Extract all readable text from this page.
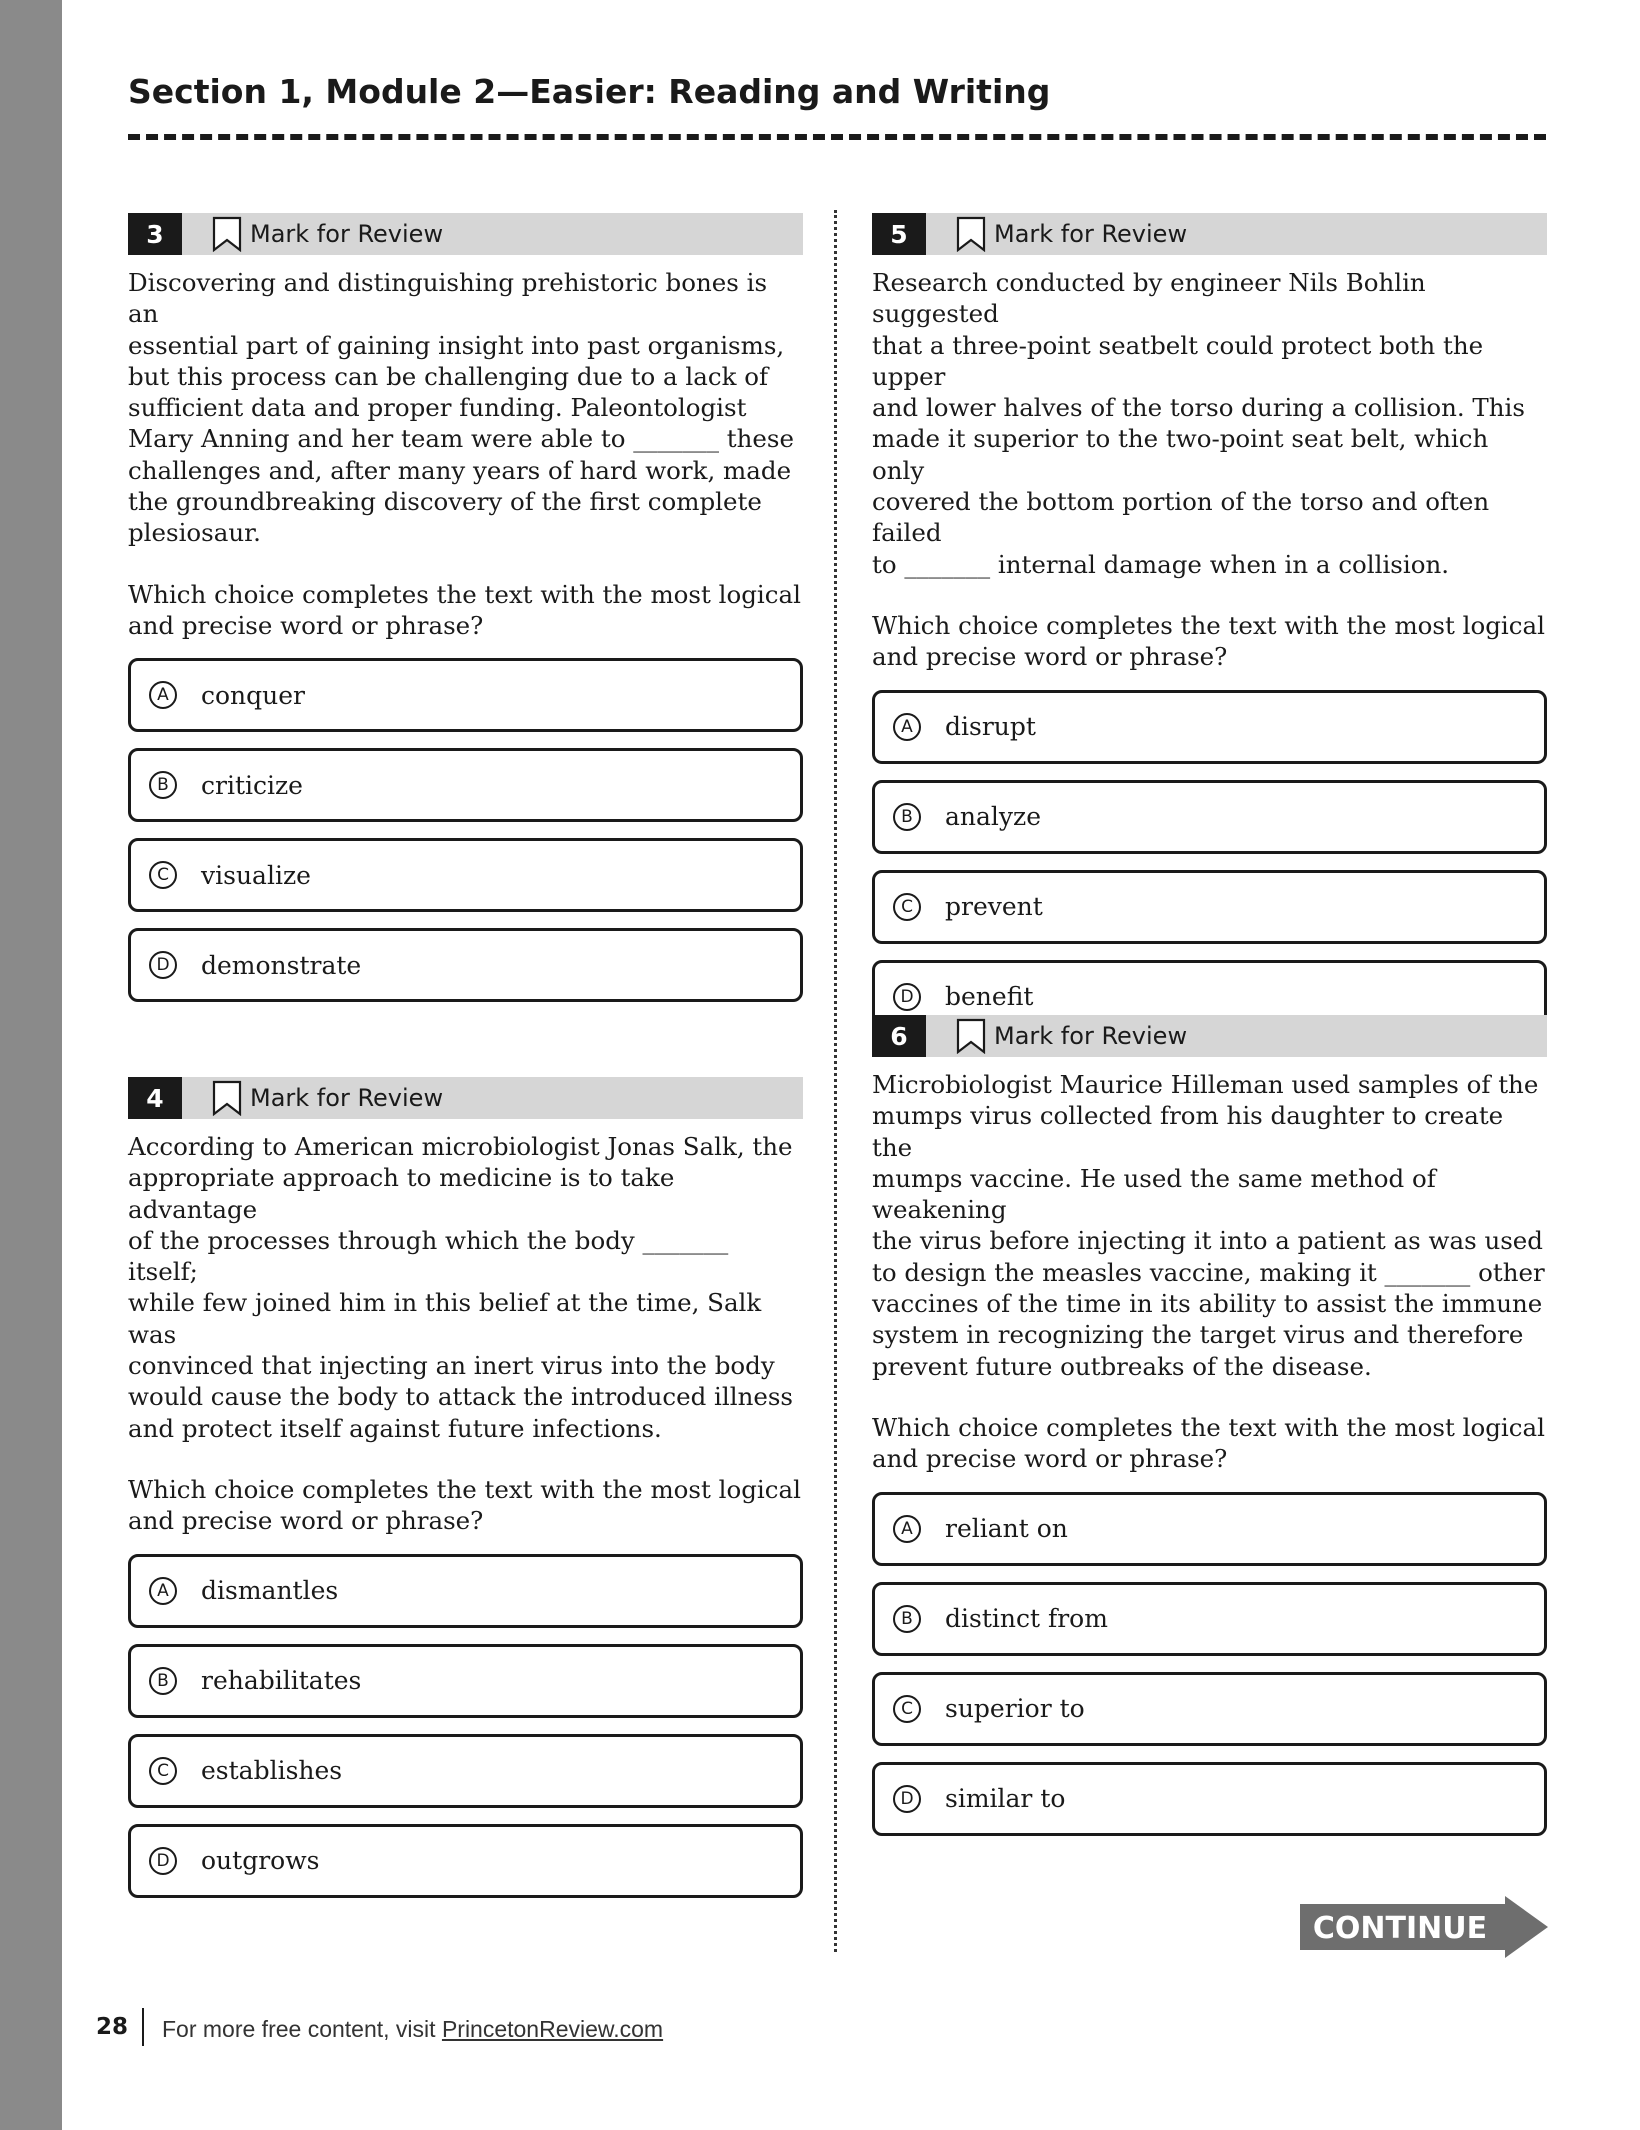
Section 1, Module 2—Easier: Reading and Writing
3	Mark for Review

Discovering and distinguishing prehistoric bones is an
essential part of gaining insight into past organisms,
but this process can be challenging due to a lack of
sufficient data and proper funding. Paleontologist
Mary Anning and her team were able to _______ these
challenges and, after many years of hard work, made
the groundbreaking discovery of the first complete
plesiosaur.

Which choice completes the text with the most logical
and precise word or phrase?

A	conquer
B	criticize
C	visualize
D demonstrate
4	Mark for Review

According to American microbiologist Jonas Salk, the
appropriate approach to medicine is to take advantage
of the processes through which the body _______ itself;
while few joined him in this belief at the time, Salk was
convinced that injecting an inert virus into the body
would cause the body to attack the introduced illness
and protect itself against future infections.

Which choice completes the text with the most logical
and precise word or phrase?

A	dismantles
B	rehabilitates
C	establishes
D outgrows
5	Mark for Review

Research conducted by engineer Nils Bohlin suggested
that a three-point seatbelt could protect both the upper
and lower halves of the torso during a collision. This
made it superior to the two-point seat belt, which only
covered the bottom portion of the torso and often failed
to _______ internal damage when in a collision.

Which choice completes the text with the most logical
and precise word or phrase?

A	disrupt
B	analyze
C	prevent
D benefit
6	Mark for Review

Microbiologist Maurice Hilleman used samples of the
mumps virus collected from his daughter to create the
mumps vaccine. He used the same method of weakening
the virus before injecting it into a patient as was used
to design the measles vaccine, making it _______ other
vaccines of the time in its ability to assist the immune
system in recognizing the target virus and therefore
prevent future outbreaks of the disease.

Which choice completes the text with the most logical
and precise word or phrase?

A	reliant on
B	distinct from
C	superior to
D similar to
CONTINUE
28 For more free content, visit PrincetonReview.com
